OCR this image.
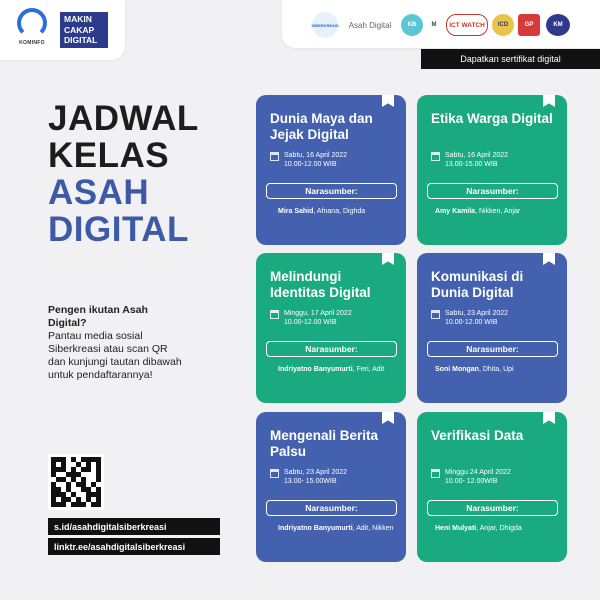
KOMINFO
MAKIN
CAKAP
DIGITAL
SIBERKREASI	Asah Digital	KB	M	ICT WATCH	ICD	GP	KM
Dapatkan sertifikat digital
JADWAL
KELAS
ASAH
DIGITAL
Pengen ikutan Asah Digital?
Pantau media sosial Siberkreasi atau scan QR dan kunjungi tautan dibawah untuk pendaftarannya!
s.id/asahdigitalsiberkreasi
linktr.ee/asahdigitalsiberkreasi
Dunia Maya dan Jejak Digital
Sabtu, 16 April 2022
10.00-12.00 WIB
Narasumber:
Mira Sahid, Afnana, Dighda
Etika Warga Digital
Sabtu, 16 April 2022
13.00-15.00 WIB
Narasumber:
Amy Kamila, Nikken, Anjar
Melindungi Identitas Digital
Minggu, 17 April 2022
10.00-12.00 WIB
Narasumber:
Indriyatno Banyumurti, Feri, Adit
Komunikasi di Dunia Digital
Sabtu, 23 April 2022
10.00-12.00 WIB
Narasumber:
Soni Mongan, Dhita, Upi
Mengenali Berita Palsu
Sabtu, 23 April 2022
13.00- 15.00WIB
Narasumber:
Indriyatno Banyumurti, Adit, Nikken
Verifikasi Data
Minggu 24 April 2022
10.00- 12.00WIB
Narasumber:
Heni Mulyati, Anjar, Dhigda
